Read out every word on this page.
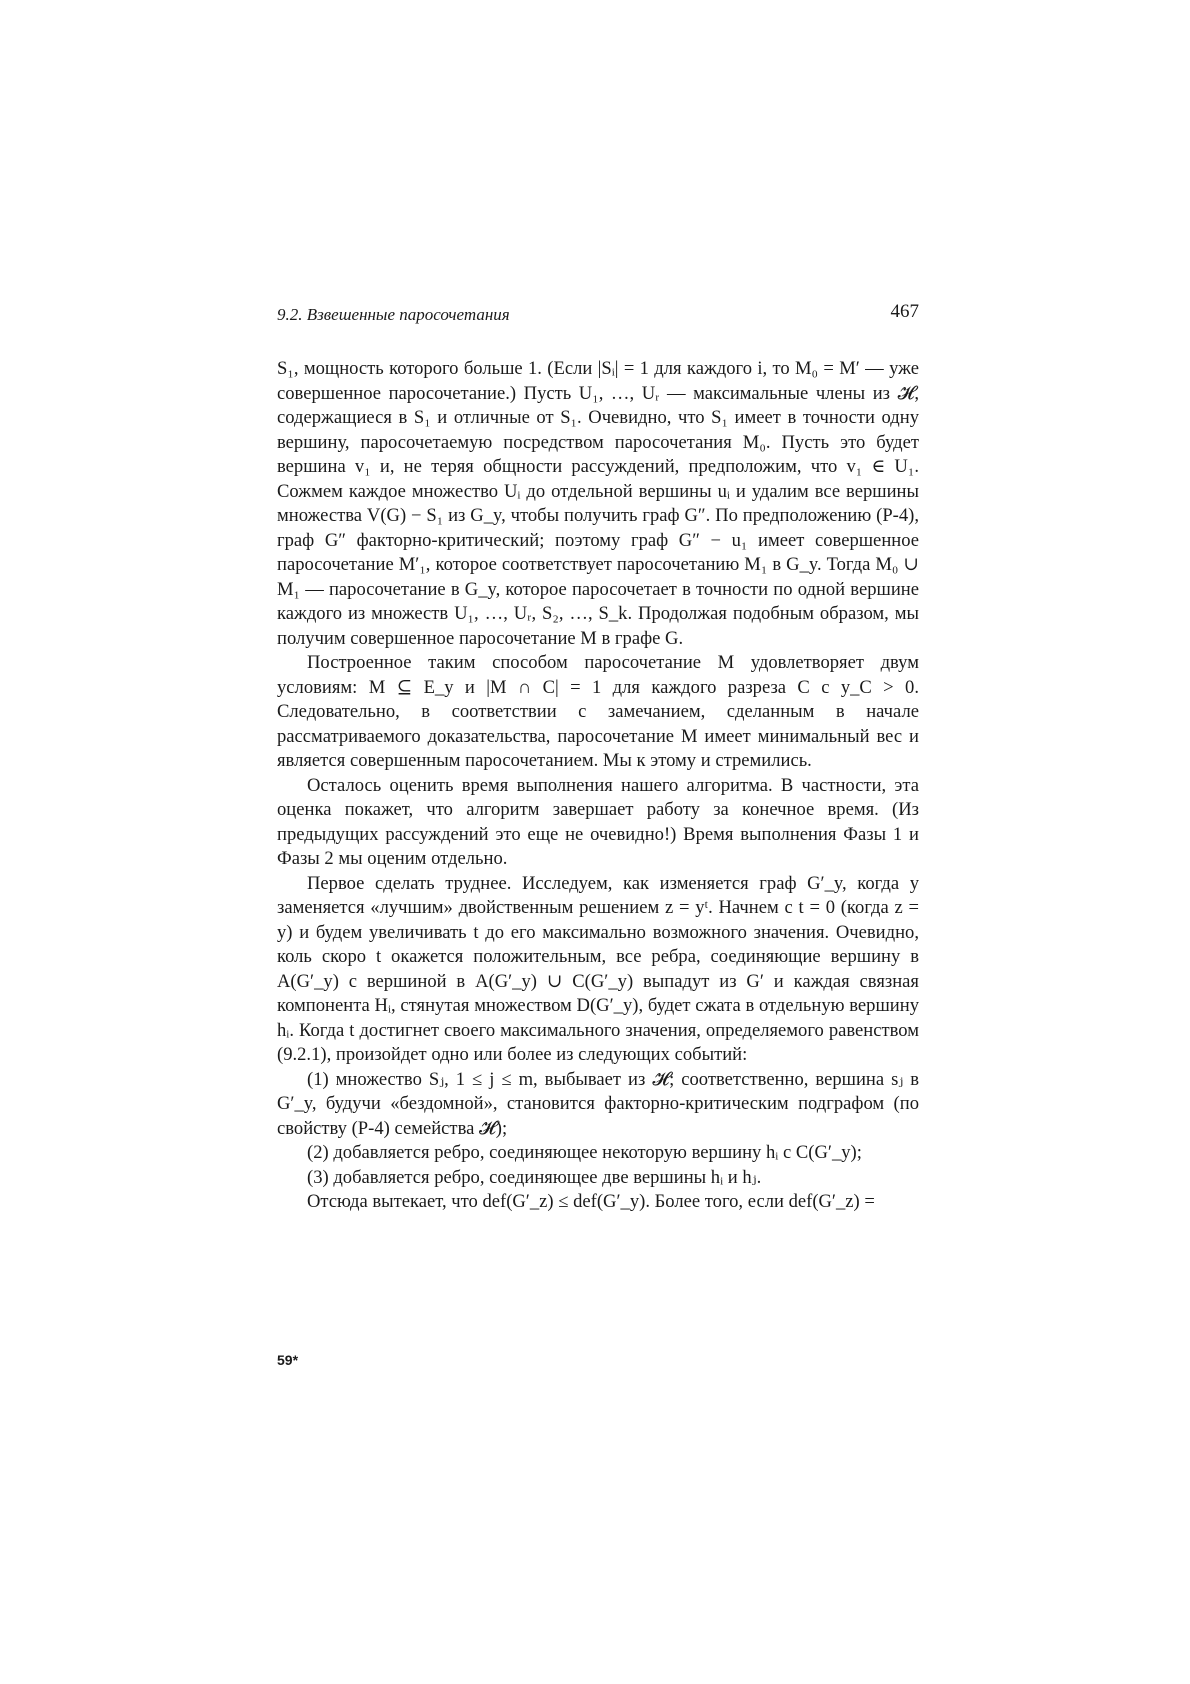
9.2. Взвешенные паросочетания	467

S₁, мощность которого больше 1. (Если |Sᵢ| = 1 для каждого i, то M₀ = M′ — уже совершенное паросочетание.) Пусть U₁, …, Uᵣ — максимальные члены из 𝓗, содержащиеся в S₁ и отличные от S₁. Очевидно, что S₁ имеет в точности одну вершину, паросочетаемую посредством паросочетания M₀. Пусть это будет вершина v₁ и, не теряя общности рассуждений, предположим, что v₁ ∈ U₁. Сожмем каждое множество Uᵢ до отдельной вершины uᵢ и удалим все вершины множества V(G) − S₁ из G_y, чтобы получить граф G″. По предположению (P-4), граф G″ факторно-критический; поэтому граф G″ − u₁ имеет совершенное паросочетание M′₁, которое соответствует паросочетанию M₁ в G_y. Тогда M₀ ∪ M₁ — паросочетание в G_y, которое паросочетает в точности по одной вершине каждого из множеств U₁, …, Uᵣ, S₂, …, S_k. Продолжая подобным образом, мы получим совершенное паросочетание M в графе G.

Построенное таким способом паросочетание M удовлетворяет двум условиям: M ⊆ E_y и |M ∩ C| = 1 для каждого разреза C с y_C > 0. Следовательно, в соответствии с замечанием, сделанным в начале рассматриваемого доказательства, паросочетание M имеет минимальный вес и является совершенным паросочетанием. Мы к этому и стремились.

Осталось оценить время выполнения нашего алгоритма. В частности, эта оценка покажет, что алгоритм завершает работу за конечное время. (Из предыдущих рассуждений это еще не очевидно!) Время выполнения Фазы 1 и Фазы 2 мы оценим отдельно.

Первое сделать труднее. Исследуем, как изменяется граф G′_y, когда y заменяется «лучшим» двойственным решением z = yᵗ. Начнем с t = 0 (когда z = y) и будем увеличивать t до его максимально возможного значения. Очевидно, коль скоро t окажется положительным, все ребра, соединяющие вершину в A(G′_y) с вершиной в A(G′_y) ∪ C(G′_y) выпадут из G′ и каждая связная компонента Hᵢ, стянутая множеством D(G′_y), будет сжата в отдельную вершину hᵢ. Когда t достигнет своего максимального значения, определяемого равенством (9.2.1), произойдет одно или более из следующих событий:

(1) множество Sⱼ, 1 ≤ j ≤ m, выбывает из 𝓗; соответственно, вершина sⱼ в G′_y, будучи «бездомной», становится факторно-критическим подграфом (по свойству (P-4) семейства 𝓗);

(2) добавляется ребро, соединяющее некоторую вершину hᵢ с C(G′_y);

(3) добавляется ребро, соединяющее две вершины hᵢ и hⱼ.

Отсюда вытекает, что def(G′_z) ≤ def(G′_y). Более того, если def(G′_z) =

59*
